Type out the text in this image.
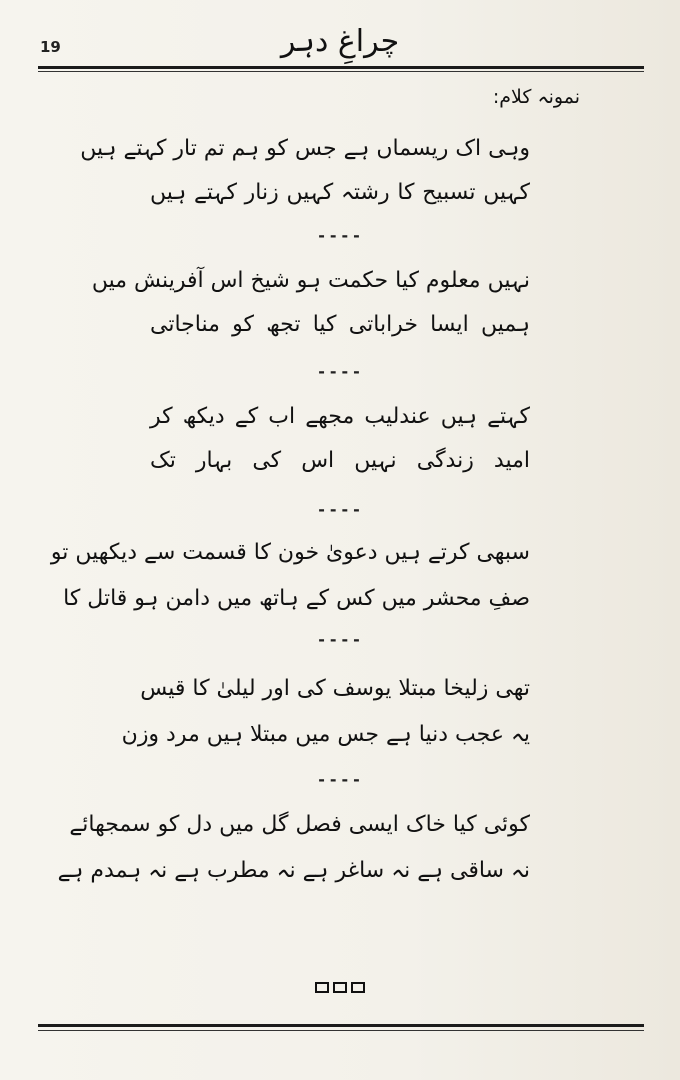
19	چراغِ دہر
نمونہ کلام:
وہی اک ریسماں ہے جس کو ہم تم تار کہتے ہیں
کہیں تسبیح کا رشتہ کہیں زنار کہتے ہیں
----
نہیں معلوم کیا حکمت ہو شیخ اس آفرینش میں
ہمیں ایسا خراباتی کیا تجھ کو مناجاتی
----
کہتے ہیں عندلیب مجھے اب کے دیکھ کر
امید زندگی نہیں اس کی بہار تک
----
سبھی کرتے ہیں دعویٰ خون کا قسمت سے دیکھیں تو
صفِ محشر میں کس کے ہاتھ میں دامن ہو قاتل کا
----
تھی زلیخا مبتلا یوسف کی اور لیلیٰ کا قیس
یہ عجب دنیا ہے جس میں مبتلا ہیں مرد وزن
----
کوئی کیا خاک ایسی فصل گل میں دل کو سمجھائے
نہ ساقی ہے نہ ساغر ہے نہ مطرب ہے نہ ہمدم ہے
